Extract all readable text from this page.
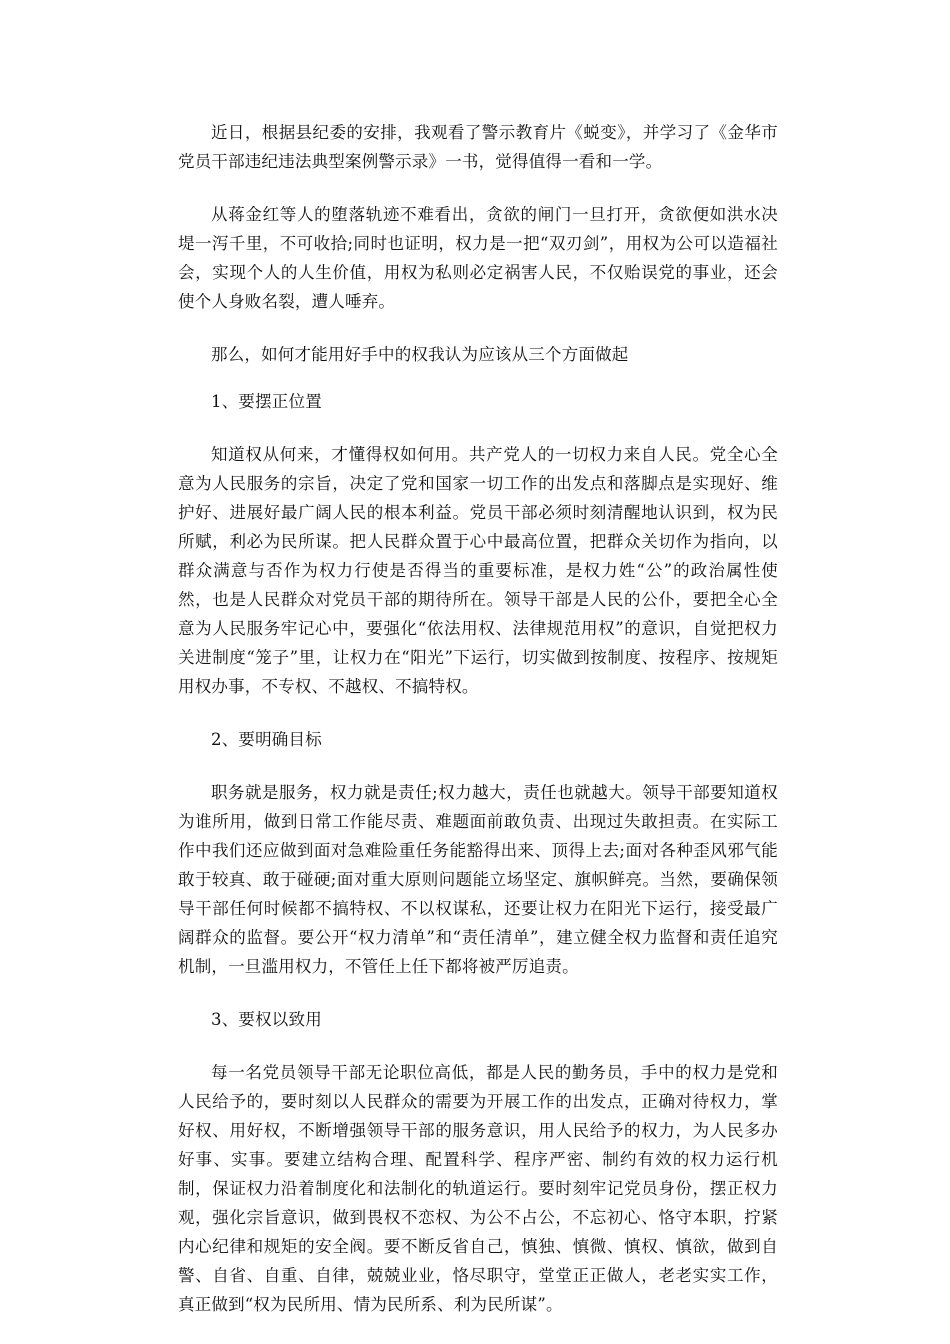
近日，根据县纪委的安排，我观看了警示教育片《蜕变》，并学习了《金华市党员干部违纪违法典型案例警示录》一书，觉得值得一看和一学。

从蒋金红等人的堕落轨迹不难看出，贪欲的闸门一旦打开，贪欲便如洪水决堤一泻千里，不可收拾;同时也证明，权力是一把“双刃剑”，用权为公可以造福社会，实现个人的人生价值，用权为私则必定祸害人民，不仅贻误党的事业，还会使个人身败名裂，遭人唾弃。

那么，如何才能用好手中的权我认为应该从三个方面做起

1、要摆正位置

知道权从何来，才懂得权如何用。共产党人的一切权力来自人民。党全心全意为人民服务的宗旨，决定了党和国家一切工作的出发点和落脚点是实现好、维护好、进展好最广阔人民的根本利益。党员干部必须时刻清醒地认识到，权为民所赋，利必为民所谋。把人民群众置于心中最高位置，把群众关切作为指向，以群众满意与否作为权力行使是否得当的重要标准，是权力姓“公”的政治属性使然，也是人民群众对党员干部的期待所在。领导干部是人民的公仆，要把全心全意为人民服务牢记心中，要强化“依法用权、法律规范用权”的意识，自觉把权力关进制度“笼子”里，让权力在“阳光”下运行，切实做到按制度、按程序、按规矩用权办事，不专权、不越权、不搞特权。

2、要明确目标

职务就是服务，权力就是责任;权力越大，责任也就越大。领导干部要知道权为谁所用，做到日常工作能尽责、难题面前敢负责、出现过失敢担责。在实际工作中我们还应做到面对急难险重任务能豁得出来、顶得上去;面对各种歪风邪气能敢于较真、敢于碰硬;面对重大原则问题能立场坚定、旗帜鲜亮。当然，要确保领导干部任何时候都不搞特权、不以权谋私，还要让权力在阳光下运行，接受最广阔群众的监督。要公开“权力清单”和“责任清单”，建立健全权力监督和责任追究机制，一旦滥用权力，不管任上任下都将被严厉追责。

3、要权以致用

每一名党员领导干部无论职位高低，都是人民的勤务员，手中的权力是党和人民给予的，要时刻以人民群众的需要为开展工作的出发点，正确对待权力，掌好权、用好权，不断增强领导干部的服务意识，用人民给予的权力，为人民多办好事、实事。要建立结构合理、配置科学、程序严密、制约有效的权力运行机制，保证权力沿着制度化和法制化的轨道运行。要时刻牢记党员身份，摆正权力观，强化宗旨意识，做到畏权不恋权、为公不占公，不忘初心、恪守本职，拧紧内心纪律和规矩的安全阀。要不断反省自己，慎独、慎微、慎权、慎欲，做到自警、自省、自重、自律，兢兢业业，恪尽职守，堂堂正正做人，老老实实工作，真正做到“权为民所用、情为民所系、利为民所谋”。
